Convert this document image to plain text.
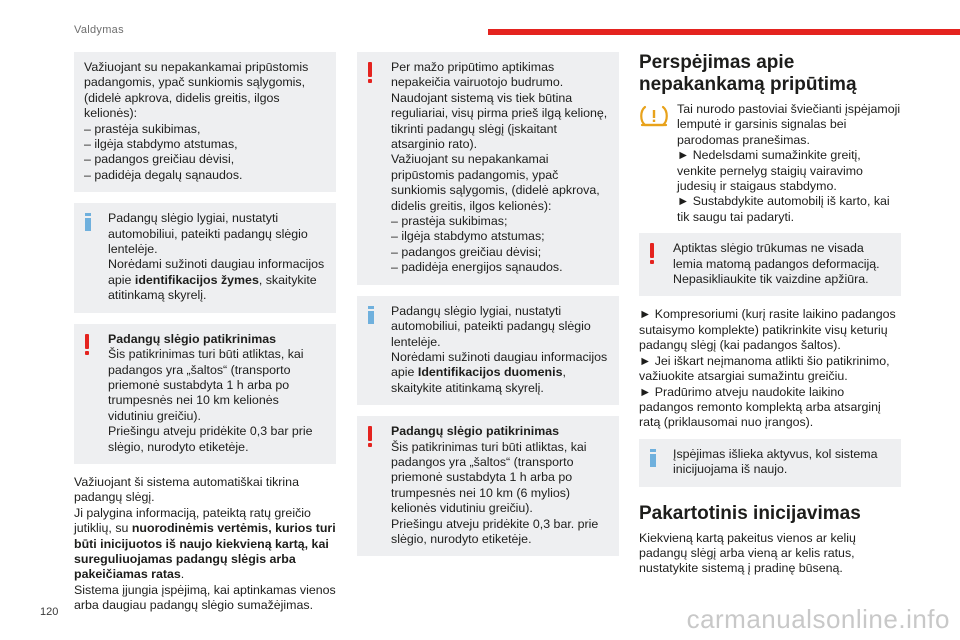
Valdymas

Važiuojant su nepakankamai pripūstomis padangomis, ypač sunkiomis sąlygomis, (didelė apkrova, didelis greitis, ilgos kelionės):
– prastėja sukibimas,
– ilgėja stabdymo atstumas,
– padangos greičiau dėvisi,
– padidėja degalų sąnaudos.

Padangų slėgio lygiai, nustatyti automobiliui, pateikti padangų slėgio lentelėje.
Norėdami sužinoti daugiau informacijos apie identifikacijos žymes, skaitykite atitinkamą skyrelį.

Padangų slėgio patikrinimas

Šis patikrinimas turi būti atliktas, kai padangos yra „šaltos“ (transporto priemonė sustabdyta 1 h arba po trumpesnės nei 10 km kelionės vidutiniu greičiu).
Priešingu atveju pridėkite 0,3 bar prie slėgio, nurodyto etiketėje.

Važiuojant ši sistema automatiškai tikrina padangų slėgį.
Ji palygina informaciją, pateiktą ratų greičio jutiklių, su nuorodinėmis vertėmis, kurios turi būti inicijuotos iš naujo kiekvieną kartą, kai sureguliuojamas padangų slėgis arba pakeičiamas ratas.
Sistema įjungia įspėjimą, kai aptinkamas vienos arba daugiau padangų slėgio sumažėjimas.

Per mažo pripūtimo aptikimas nepakeičia vairuotojo budrumo.
Naudojant sistemą vis tiek būtina reguliariai, visų pirma prieš ilgą kelionę, tikrinti padangų slėgį (įskaitant atsarginio rato).
Važiuojant su nepakankamai pripūstomis padangomis, ypač sunkiomis sąlygomis, (didelė apkrova, didelis greitis, ilgos kelionės):
– prastėja sukibimas;
– ilgėja stabdymo atstumas;
– padangos greičiau dėvisi;
– padidėja energijos sąnaudos.

Padangų slėgio lygiai, nustatyti automobiliui, pateikti padangų slėgio lentelėje.
Norėdami sužinoti daugiau informacijos apie Identifikacijos duomenis, skaitykite atitinkamą skyrelį.

Padangų slėgio patikrinimas

Šis patikrinimas turi būti atliktas, kai padangos yra „šaltos“ (transporto priemonė sustabdyta 1 h arba po trumpesnės nei 10 km (6 mylios) kelionės vidutiniu greičiu).
Priešingu atveju pridėkite 0,3 bar. prie slėgio, nurodyto etiketėje.

Perspėjimas apie nepakankamą pripūtimą

Tai nurodo pastoviai šviečianti įspėjamoji lemputė ir garsinis signalas bei parodomas pranešimas.
► Nedelsdami sumažinkite greitį, venkite pernelyg staigių vairavimo judesių ir staigaus stabdymo.
► Sustabdykite automobilį iš karto, kai tik saugu tai padaryti.

Aptiktas slėgio trūkumas ne visada lemia matomą padangos deformaciją.
Nepasikliaukite tik vaizdine apžiūra.

► Kompresoriumi (kurį rasite laikino padangos sutaisymo komplekte) patikrinkite visų keturių padangų slėgį (kai padangos šaltos).
► Jei iškart neįmanoma atlikti šio patikrinimo, važiuokite atsargiai sumažintu greičiu.
► Pradūrimo atveju naudokite laikino padangos remonto komplektą arba atsarginį ratą (priklausomai nuo įrangos).

Įspėjimas išlieka aktyvus, kol sistema inicijuojama iš naujo.

Pakartotinis inicijavimas

Kiekvieną kartą pakeitus vienos ar kelių padangų slėgį arba vieną ar kelis ratus, nustatykite sistemą į pradinę būseną.

120	carmanualsonline.info
